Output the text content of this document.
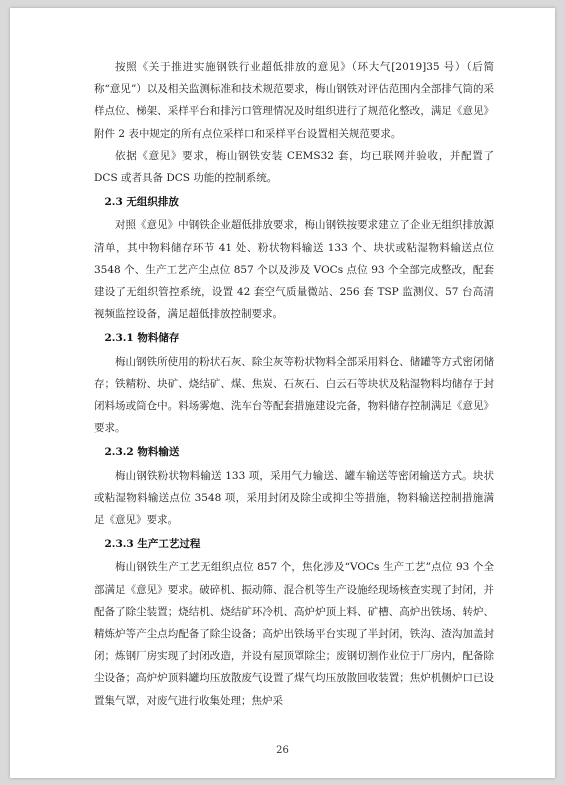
按照《关于推进实施钢铁行业超低排放的意见》（环大气[2019]35 号）（后简称“意见”）以及相关监测标准和技术规范要求，梅山钢铁对评估范围内全部排气筒的采样点位、梯架、采样平台和排污口管理情况及时组织进行了规范化整改，满足《意见》附件 2 表中规定的所有点位采样口和采样平台设置相关规范要求。

依据《意见》要求，梅山钢铁安装 CEMS32 套，均已联网并验收，并配置了 DCS 或者具备 DCS 功能的控制系统。

2.3 无组织排放

对照《意见》中钢铁企业超低排放要求，梅山钢铁按要求建立了企业无组织排放源清单，其中物料储存环节 41 处、粉状物料输送 133 个、块状或粘湿物料输送点位 3548 个、生产工艺产尘点位 857 个以及涉及 VOCs 点位 93 个全部完成整改，配套建设了无组织管控系统，设置 42 套空气质量微站、256 套 TSP 监测仪、57 台高清视频监控设备，满足超低排放控制要求。

2.3.1 物料储存

梅山钢铁所使用的粉状石灰、除尘灰等粉状物料全部采用料仓、储罐等方式密闭储存；铁精粉、块矿、烧结矿、煤、焦炭、石灰石、白云石等块状及粘湿物料均储存于封闭料场或筒仓中。料场雾炮、洗车台等配套措施建设完备，物料储存控制满足《意见》要求。

2.3.2 物料输送

梅山钢铁粉状物料输送 133 项，采用气力输送、罐车输送等密闭输送方式。块状或粘湿物料输送点位 3548 项，采用封闭及除尘或抑尘等措施，物料输送控制措施满足《意见》要求。

2.3.3 生产工艺过程

梅山钢铁生产工艺无组织点位 857 个，焦化涉及“VOCs 生产工艺”点位 93 个全部满足《意见》要求。破碎机、振动筛、混合机等生产设施经现场核查实现了封闭，并配备了除尘装置；烧结机、烧结矿环冷机、高炉炉顶上料、矿槽、高炉出铁场、转炉、精炼炉等产尘点均配备了除尘设备；高炉出铁场平台实现了半封闭，铁沟、渣沟加盖封闭；炼钢厂房实现了封闭改造，并设有屋顶罩除尘；废钢切割作业位于厂房内，配备除尘设备；高炉炉顶料罐均压放散废气设置了煤气均压放散回收装置；焦炉机侧炉口已设置集气罩，对废气进行收集处理；焦炉采

26
